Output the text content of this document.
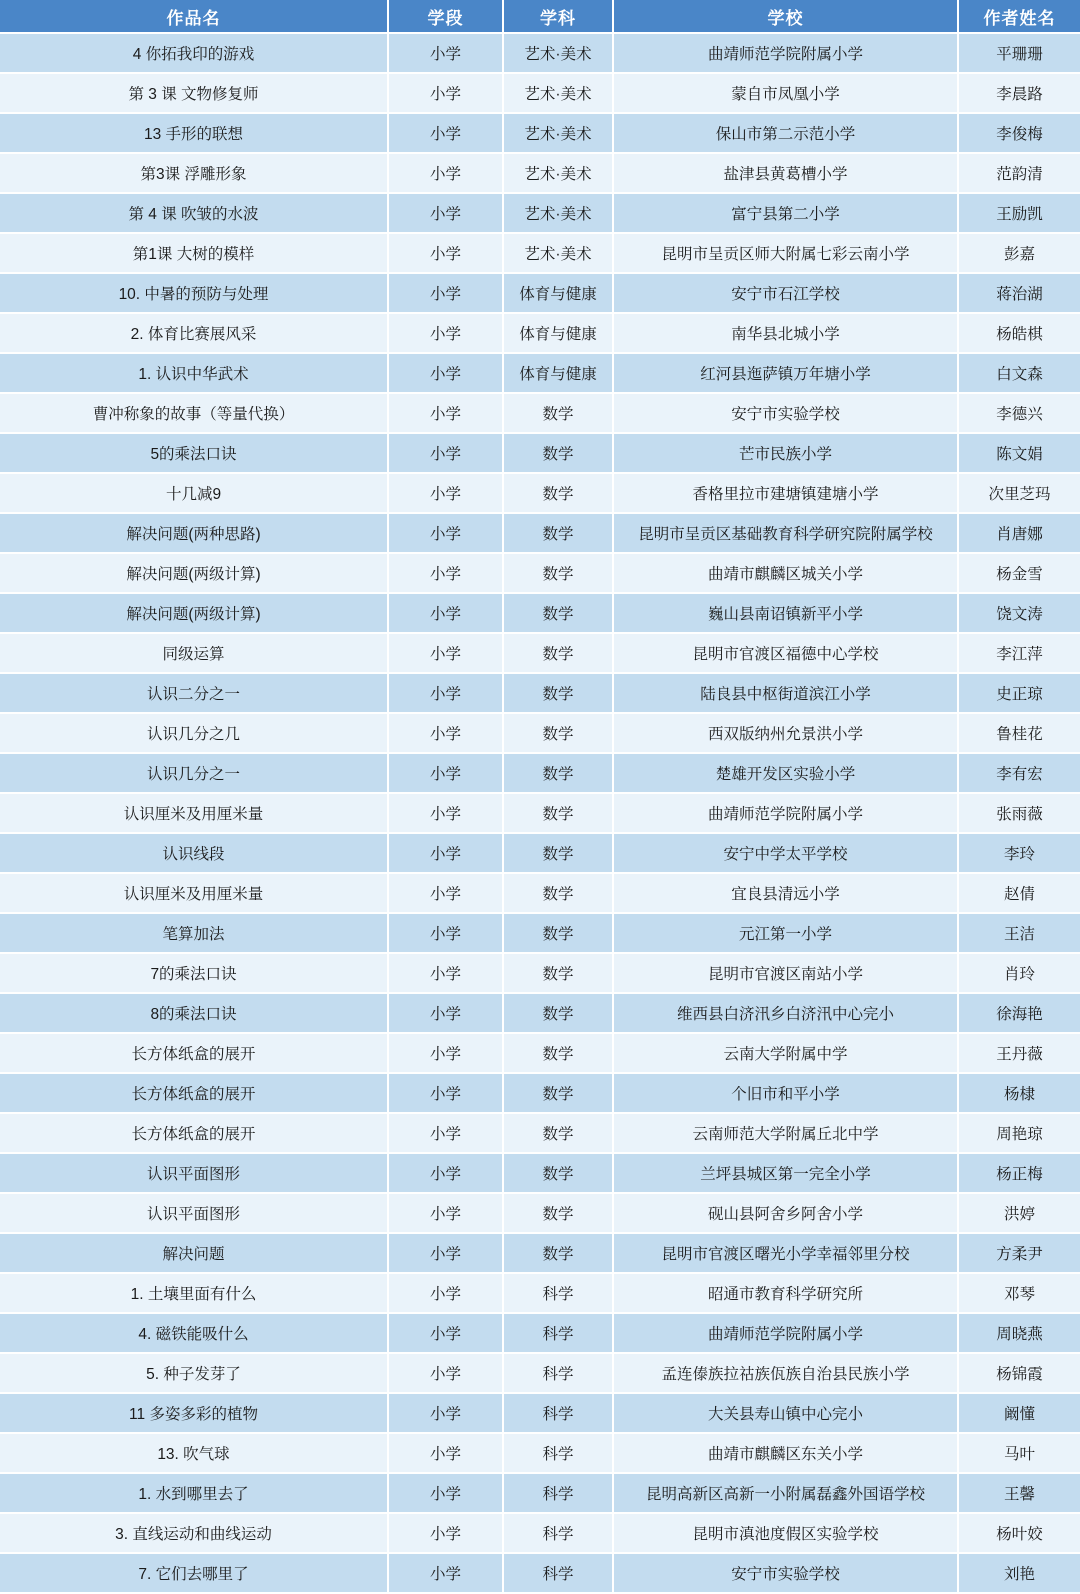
作品名	学段	学科	学校	作者姓名
4 你拓我印的游戏	小学	艺术·美术	曲靖师范学院附属小学	平珊珊
第 3 课 文物修复师	小学	艺术·美术	蒙自市凤凰小学	李晨路
13 手形的联想	小学	艺术·美术	保山市第二示范小学	李俊梅
第3课 浮雕形象	小学	艺术·美术	盐津县黄葛槽小学	范韵清
第 4 课 吹皱的水波	小学	艺术·美术	富宁县第二小学	王励凯
第1课 大树的模样	小学	艺术·美术	昆明市呈贡区师大附属七彩云南小学	彭嘉
10. 中暑的预防与处理	小学	体育与健康	安宁市石江学校	蒋治湖
2. 体育比赛展风采	小学	体育与健康	南华县北城小学	杨皓棋
1. 认识中华武术	小学	体育与健康	红河县迤萨镇万年塘小学	白文森
曹冲称象的故事（等量代换）	小学	数学	安宁市实验学校	李德兴
5的乘法口诀	小学	数学	芒市民族小学	陈文娟
十几减9	小学	数学	香格里拉市建塘镇建塘小学	次里芝玛
解决问题(两种思路)	小学	数学	昆明市呈贡区基础教育科学研究院附属学校	肖唐娜
解决问题(两级计算)	小学	数学	曲靖市麒麟区城关小学	杨金雪
解决问题(两级计算)	小学	数学	巍山县南诏镇新平小学	饶文涛
同级运算	小学	数学	昆明市官渡区福德中心学校	李江萍
认识二分之一	小学	数学	陆良县中枢街道滨江小学	史正琼
认识几分之几	小学	数学	西双版纳州允景洪小学	鲁桂花
认识几分之一	小学	数学	楚雄开发区实验小学	李有宏
认识厘米及用厘米量	小学	数学	曲靖师范学院附属小学	张雨薇
认识线段	小学	数学	安宁中学太平学校	李玲
认识厘米及用厘米量	小学	数学	宜良县清远小学	赵倩
笔算加法	小学	数学	元江第一小学	王洁
7的乘法口诀	小学	数学	昆明市官渡区南站小学	肖玲
8的乘法口诀	小学	数学	维西县白济汛乡白济汛中心完小	徐海艳
长方体纸盒的展开	小学	数学	云南大学附属中学	王丹薇
长方体纸盒的展开	小学	数学	个旧市和平小学	杨棣
长方体纸盒的展开	小学	数学	云南师范大学附属丘北中学	周艳琼
认识平面图形	小学	数学	兰坪县城区第一完全小学	杨正梅
认识平面图形	小学	数学	砚山县阿舍乡阿舍小学	洪婷
解决问题	小学	数学	昆明市官渡区曙光小学幸福邻里分校	方柔尹
1. 土壤里面有什么	小学	科学	昭通市教育科学研究所	邓琴
4. 磁铁能吸什么	小学	科学	曲靖师范学院附属小学	周晓燕
5. 种子发芽了	小学	科学	孟连傣族拉祜族佤族自治县民族小学	杨锦霞
11 多姿多彩的植物	小学	科学	大关县寿山镇中心完小	阚懂
13. 吹气球	小学	科学	曲靖市麒麟区东关小学	马叶
1. 水到哪里去了	小学	科学	昆明高新区高新一小附属磊鑫外国语学校	王馨
3. 直线运动和曲线运动	小学	科学	昆明市滇池度假区实验学校	杨叶姣
7. 它们去哪里了	小学	科学	安宁市实验学校	刘艳
